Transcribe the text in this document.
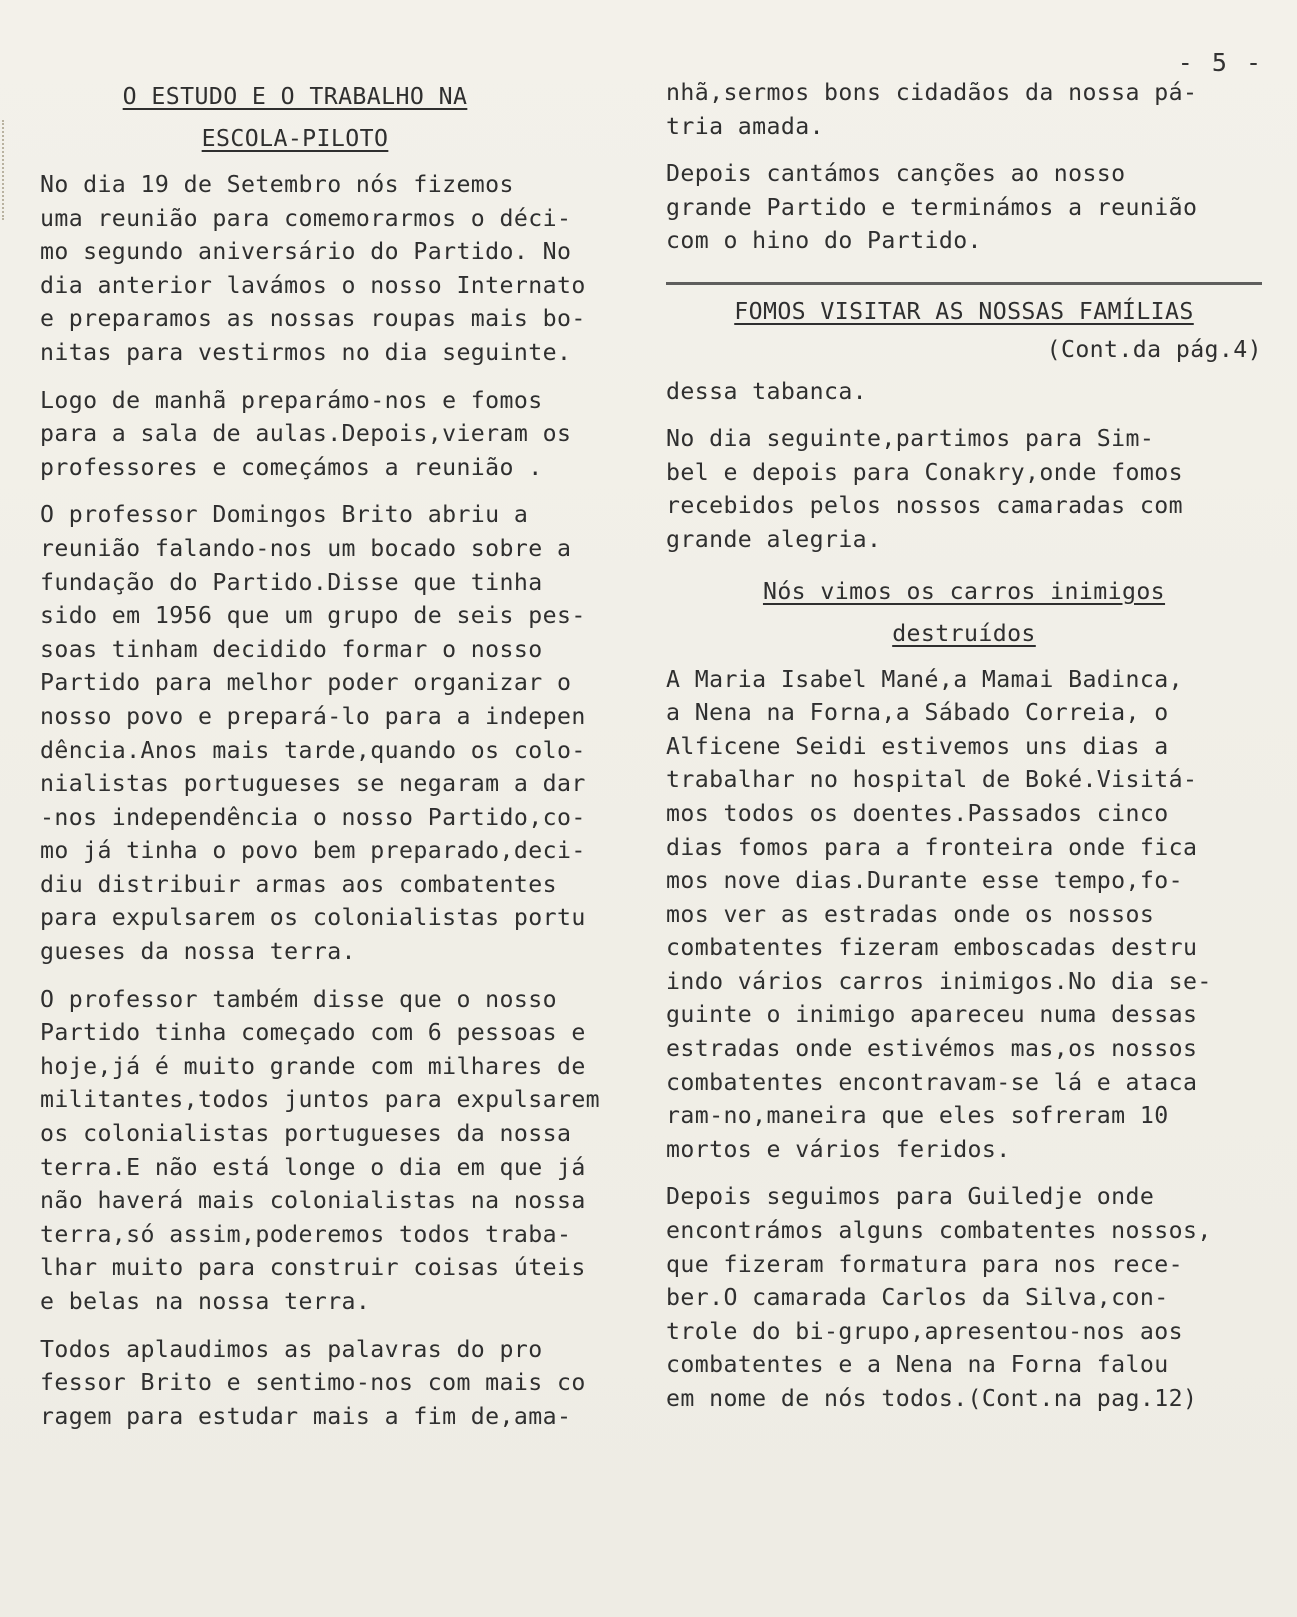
- 5 -
O ESTUDO E O TRABALHO NA
ESCOLA-PILOTO

No dia 19 de Setembro nós fizemos
uma reunião para comemorarmos o déci-
mo segundo aniversário do Partido. No
dia anterior lavámos o nosso Internato
e preparamos as nossas roupas mais bo-
nitas para vestirmos no dia seguinte.

Logo de manhã preparámo-nos e fomos
para a sala de aulas.Depois,vieram os
professores e começámos a reunião .

O professor Domingos Brito abriu a
reunião falando-nos um bocado sobre a
fundação do Partido.Disse que tinha
sido em 1956 que um grupo de seis pes-
soas tinham decidido formar o nosso
Partido para melhor poder organizar o
nosso povo e prepará-lo para a indepen
dência.Anos mais tarde,quando os colo-
nialistas portugueses se negaram a dar
-nos independência o nosso Partido,co-
mo já tinha o povo bem preparado,deci-
diu distribuir armas aos combatentes
para expulsarem os colonialistas portu
gueses da nossa terra.

O professor também disse que o nosso
Partido tinha começado com 6 pessoas e
hoje,já é muito grande com milhares de
militantes,todos juntos para expulsarem
os colonialistas portugueses da nossa
terra.E não está longe o dia em que já
não haverá mais colonialistas na nossa
terra,só assim,poderemos todos traba-
lhar muito para construir coisas úteis
e belas na nossa terra.

Todos aplaudimos as palavras do pro
fessor Brito e sentimo-nos com mais co
ragem para estudar mais a fim de,ama-

nhã,sermos bons cidadãos da nossa pá-
tria amada.

Depois cantámos canções ao nosso
grande Partido e terminámos a reunião
com o hino do Partido.

FOMOS VISITAR AS NOSSAS FAMÍLIAS

(Cont.da pág.4)

dessa tabanca.

No dia seguinte,partimos para Sim-
bel e depois para Conakry,onde fomos
recebidos pelos nossos camaradas com
grande alegria.

Nós vimos os carros inimigos
destruídos

A Maria Isabel Mané,a Mamai Badinca,
a Nena na Forna,a Sábado Correia, o
Alficene Seidi estivemos uns dias a
trabalhar no hospital de Boké.Visitá-
mos todos os doentes.Passados cinco
dias fomos para a fronteira onde fica
mos nove dias.Durante esse tempo,fo-
mos ver as estradas onde os nossos
combatentes fizeram emboscadas destru
indo vários carros inimigos.No dia se-
guinte o inimigo apareceu numa dessas
estradas onde estivémos mas,os nossos
combatentes encontravam-se lá e ataca
ram-no,maneira que eles sofreram 10
mortos e vários feridos.

Depois seguimos para Guiledje onde
encontrámos alguns combatentes nossos,
que fizeram formatura para nos rece-
ber.O camarada Carlos da Silva,con-
trole do bi-grupo,apresentou-nos aos
combatentes e a Nena na Forna falou
em nome de nós todos.(Cont.na pag.12)
